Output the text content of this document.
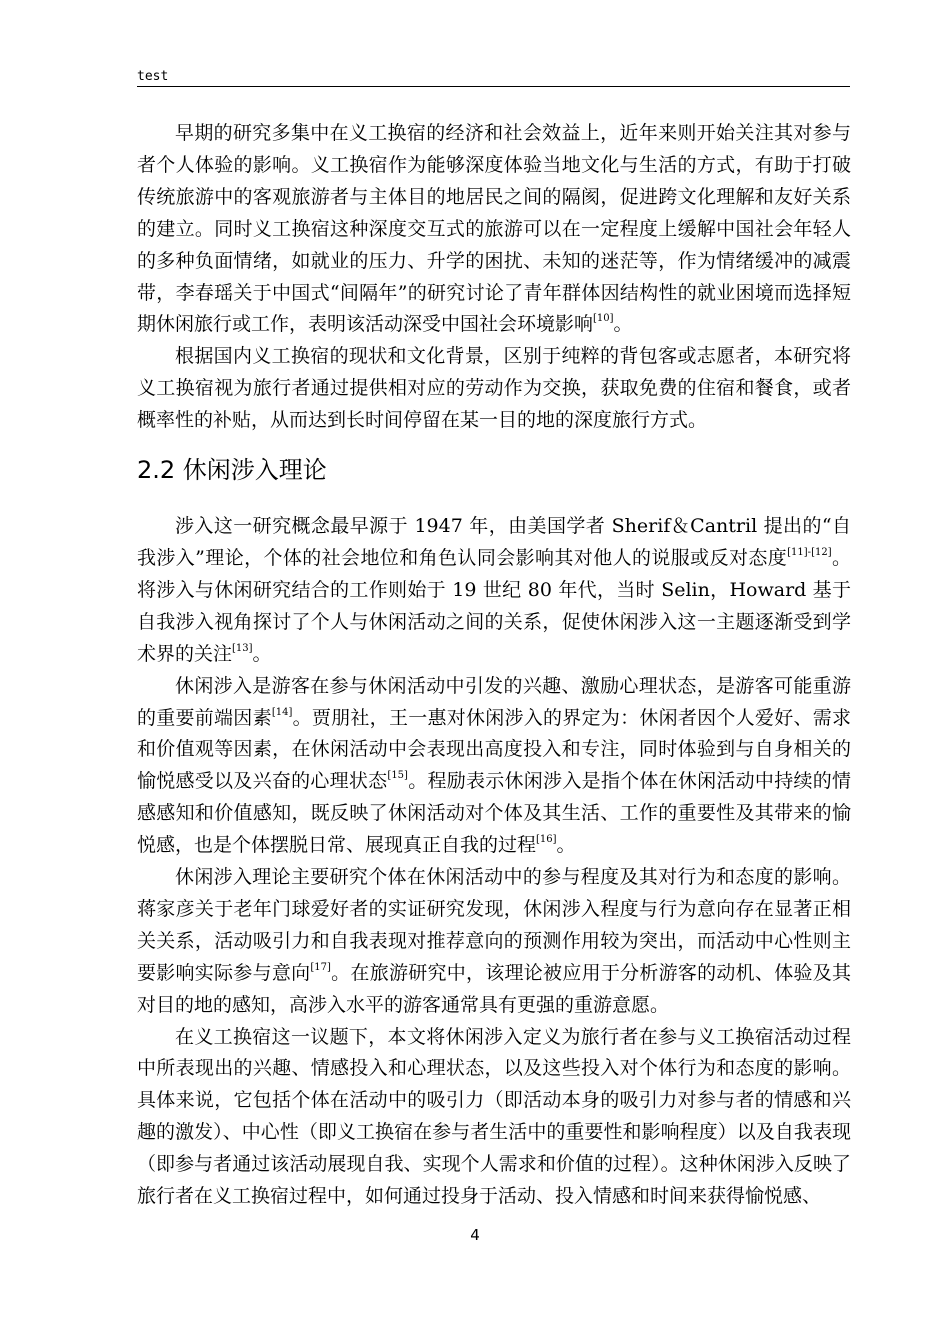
test

早期的研究多集中在义工换宿的经济和社会效益上，近年来则开始关注其对参与者个人体验的影响。义工换宿作为能够深度体验当地文化与生活的方式，有助于打破传统旅游中的客观旅游者与主体目的地居民之间的隔阂，促进跨文化理解和友好关系的建立。同时义工换宿这种深度交互式的旅游可以在一定程度上缓解中国社会年轻人的多种负面情绪，如就业的压力、升学的困扰、未知的迷茫等，作为情绪缓冲的减震带，李春瑶关于中国式“间隔年”的研究讨论了青年群体因结构性的就业困境而选择短期休闲旅行或工作，表明该活动深受中国社会环境影响[10]。

根据国内义工换宿的现状和文化背景，区别于纯粹的背包客或志愿者，本研究将义工换宿视为旅行者通过提供相对应的劳动作为交换，获取免费的住宿和餐食，或者概率性的补贴，从而达到长时间停留在某一目的地的深度旅行方式。

2.2 休闲涉入理论

涉入这一研究概念最早源于 1947 年，由美国学者 Sherif＆Cantril 提出的“自我涉入”理论，个体的社会地位和角色认同会影响其对他人的说服或反对态度[11]-[12]。将涉入与休闲研究结合的工作则始于 19 世纪 80 年代，当时 Selin，Howard 基于自我涉入视角探讨了个人与休闲活动之间的关系，促使休闲涉入这一主题逐渐受到学术界的关注[13]。

休闲涉入是游客在参与休闲活动中引发的兴趣、激励心理状态，是游客可能重游的重要前端因素[14]。贾朋社，王一惠对休闲涉入的界定为：休闲者因个人爱好、需求和价值观等因素，在休闲活动中会表现出高度投入和专注，同时体验到与自身相关的愉悦感受以及兴奋的心理状态[15]。程励表示休闲涉入是指个体在休闲活动中持续的情感感知和价值感知，既反映了休闲活动对个体及其生活、工作的重要性及其带来的愉悦感，也是个体摆脱日常、展现真正自我的过程[16]。

休闲涉入理论主要研究个体在休闲活动中的参与程度及其对行为和态度的影响。蒋家彦关于老年门球爱好者的实证研究发现，休闲涉入程度与行为意向存在显著正相关关系，活动吸引力和自我表现对推荐意向的预测作用较为突出，而活动中心性则主要影响实际参与意向[17]。在旅游研究中，该理论被应用于分析游客的动机、体验及其对目的地的感知，高涉入水平的游客通常具有更强的重游意愿。

在义工换宿这一议题下，本文将休闲涉入定义为旅行者在参与义工换宿活动过程中所表现出的兴趣、情感投入和心理状态，以及这些投入对个体行为和态度的影响。具体来说，它包括个体在活动中的吸引力（即活动本身的吸引力对参与者的情感和兴趣的激发）、中心性（即义工换宿在参与者生活中的重要性和影响程度）以及自我表现（即参与者通过该活动展现自我、实现个人需求和价值的过程）。这种休闲涉入反映了旅行者在义工换宿过程中，如何通过投身于活动、投入情感和时间来获得愉悦感、

4
